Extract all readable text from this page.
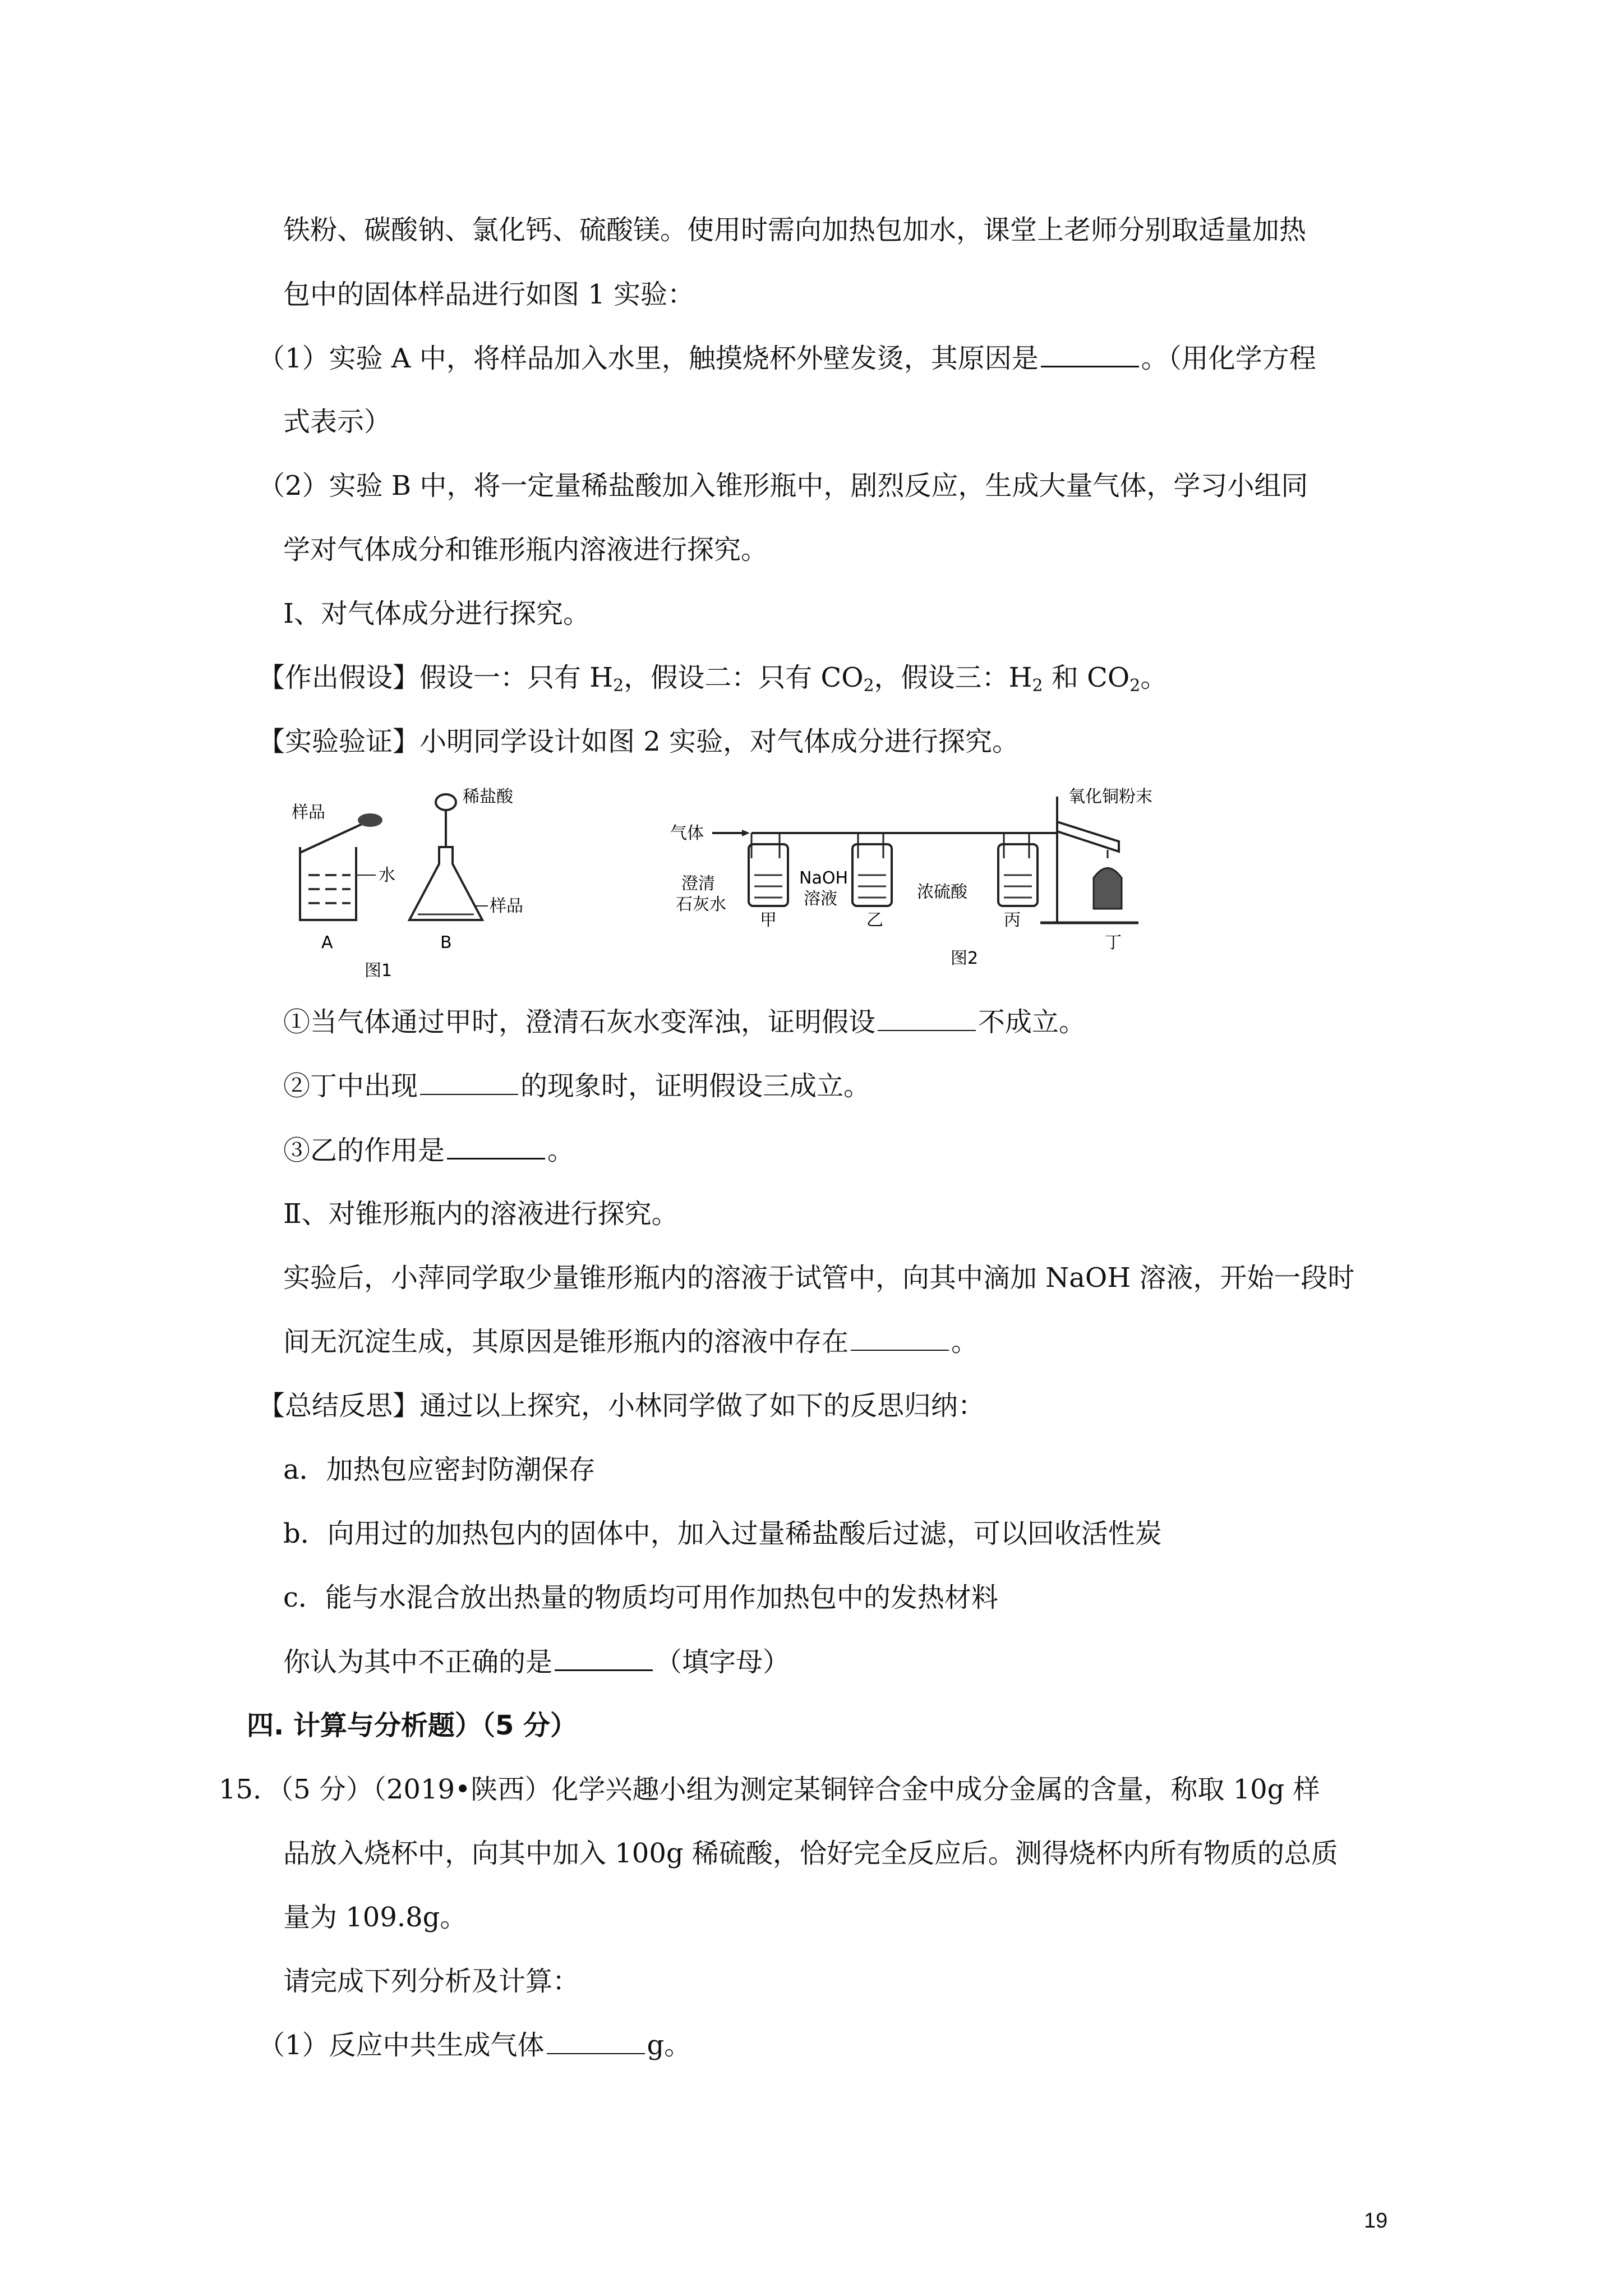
铁粉、碳酸钠、氯化钙、硫酸镁。使用时需向加热包加水，课堂上老师分别取适量加热
包中的固体样品进行如图 1 实验：
（1）实验 A 中，将样品加入水里，触摸烧杯外壁发烫，其原因是	。（用化学方程
式表示）
（2）实验 B 中，将一定量稀盐酸加入锥形瓶中，剧烈反应，生成大量气体，学习小组同
学对气体成分和锥形瓶内溶液进行探究。
Ⅰ、对气体成分进行探究。
【作出假设】假设一：只有 $H_2$，假设二：只有 $CO_2$，假设三：$H_2$ 和 $CO_2$。
【实验验证】小明同学设计如图 2 实验，对气体成分进行探究。
样品
水
A
稀盐酸
样品
B
图1
气体
澄清
石灰水
甲
NaOH
溶液
乙
浓硫酸
丙
氧化铜粉末
丁
图2
①当气体通过甲时，澄清石灰水变浑浊，证明假设	不成立。
②丁中出现	的现象时，证明假设三成立。
③乙的作用是	。
Ⅱ、对锥形瓶内的溶液进行探究。
实验后，小萍同学取少量锥形瓶内的溶液于试管中，向其中滴加 NaOH 溶液，开始一段时
间无沉淀生成，其原因是锥形瓶内的溶液中存在	。
【总结反思】通过以上探究，小林同学做了如下的反思归纳：
a．加热包应密封防潮保存
b．向用过的加热包内的固体中，加入过量稀盐酸后过滤，可以回收活性炭
c．能与水混合放出热量的物质均可用作加热包中的发热材料
你认为其中不正确的是	（填字母）
四. 计算与分析题）（5 分）
15．（5 分）（2019•陕西）化学兴趣小组为测定某铜锌合金中成分金属的含量，称取 10g 样
品放入烧杯中，向其中加入 100g 稀硫酸，恰好完全反应后。测得烧杯内所有物质的总质
量为 109.8g。
请完成下列分析及计算：
（1）反应中共生成气体	g。
19
